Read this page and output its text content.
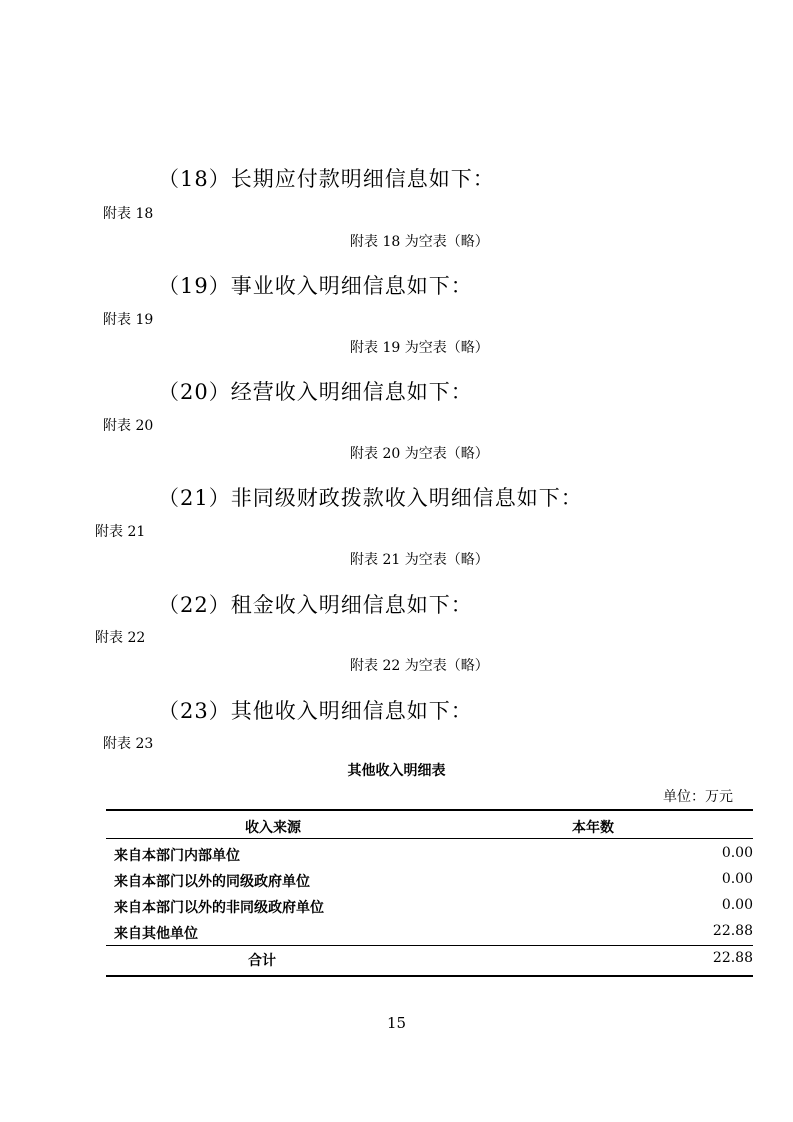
（18）长期应付款明细信息如下：
附表 18
附表 18 为空表（略）
（19）事业收入明细信息如下：
附表 19
附表 19 为空表（略）
（20）经营收入明细信息如下：
附表 20
附表 20 为空表（略）
（21）非同级财政拨款收入明细信息如下：
附表 21
附表 21 为空表（略）
（22）租金收入明细信息如下：
附表 22
附表 22 为空表（略）
（23）其他收入明细信息如下：
附表 23
其他收入明细表
单位：万元
收入来源	本年数
来自本部门内部单位	0.00
来自本部门以外的同级政府单位	0.00
来自本部门以外的非同级政府单位	0.00
来自其他单位	22.88
合计	22.88
15
